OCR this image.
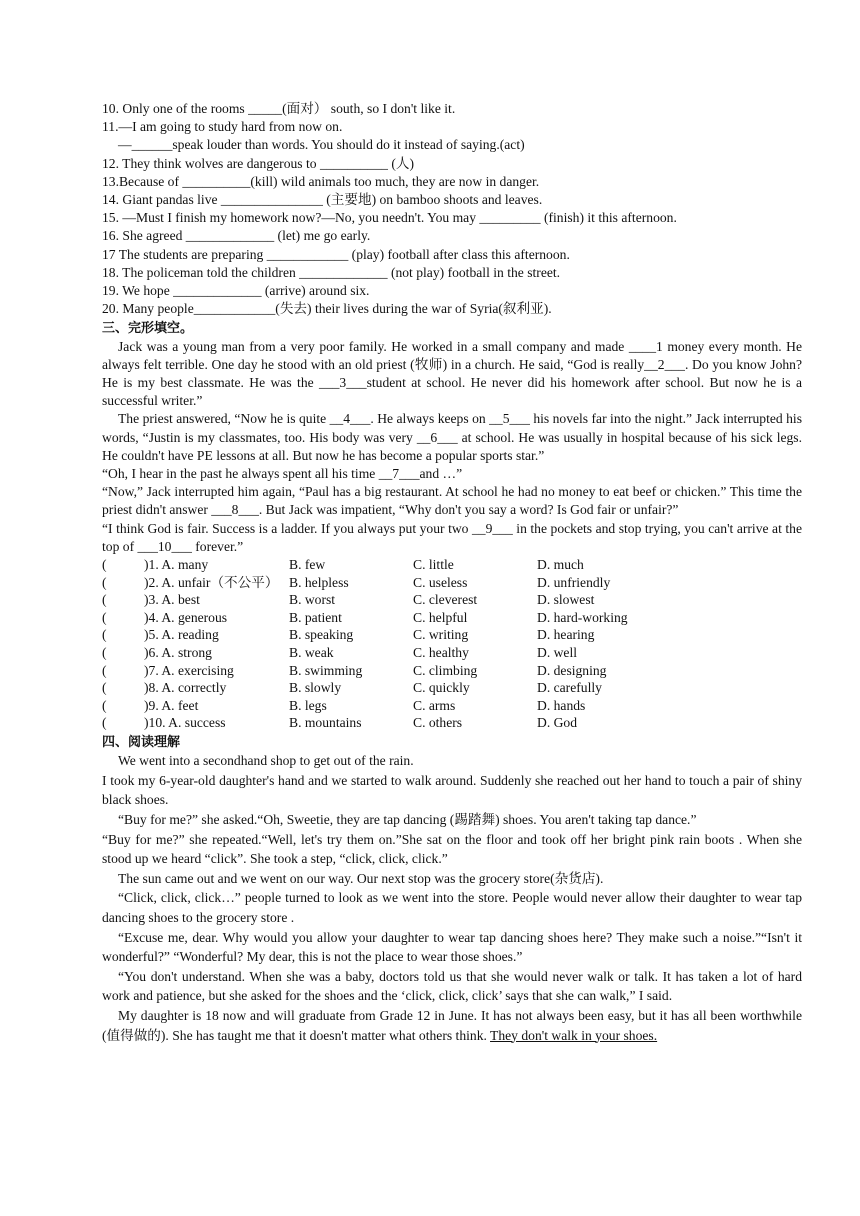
10. Only one of the rooms _____(面对） south, so I don't like it.
11.—I am going to study hard from now on.
—______speak louder than words. You should do it instead of saying.(act)
12. They think wolves are dangerous to __________ (人)
13.Because of __________(kill) wild animals too much, they are now in danger.
14. Giant pandas live _______________ (主要地) on bamboo shoots and leaves.
15. —Must I finish my homework now?—No, you needn't. You may _________ (finish) it this afternoon.
16. She agreed _____________ (let) me go early.
17 The students are preparing ____________ (play) football after class this afternoon.
18. The policeman told the children _____________ (not play) football in the street.
19. We hope _____________ (arrive) around six.
20. Many people____________(失去) their lives during the war of Syria(叙利亚).
三、完形填空。
Jack was a young man from a very poor family. He worked in a small company and made ____1 money every month. He always felt terrible. One day he stood with an old priest (牧师) in a church. He said, “God is really__2___. Do you know John? He is my best classmate. He was the ___3___student at school. He never did his homework after school. But now he is a successful writer.”
The priest answered, “Now he is quite __4___. He always keeps on __5___ his novels far into the night.” Jack interrupted his words, “Justin is my classmates, too. His body was very __6___ at school. He was usually in hospital because of his sick legs. He couldn't have PE lessons at all. But now he has become a popular sports star.”
“Oh, I hear in the past he always spent all his time __7___and …”
“Now,” Jack interrupted him again, “Paul has a big restaurant. At school he had no money to eat beef or chicken.” This time the priest didn't answer ___8___. But Jack was impatient, “Why don't you say a word? Is God fair or unfair?”
“I think God is fair. Success is a ladder. If you always put your two __9___ in the pockets and stop trying, you can't arrive at the top of ___10___ forever.”
(	)1. A. many	B. few	C. little	D. much
(	)2. A. unfair（不公平） B. helpless	C. useless	D. unfriendly
(	)3. A. best	B. worst	C. cleverest	D. slowest
(	)4. A. generous	B. patient	C. helpful	D. hard-working
(	)5. A. reading	B. speaking	C. writing	D. hearing
(	)6. A. strong	B. weak	C. healthy	D. well
(	)7. A. exercising	B. swimming	C. climbing	D. designing
(	)8. A. correctly	B. slowly	C. quickly	D. carefully
(	)9. A. feet	B. legs	C. arms	D. hands
(	)10. A. success	B. mountains	C. others	D. God
四、阅读理解
We went into a secondhand shop to get out of the rain.
I took my 6-year-old daughter's hand and we started to walk around. Suddenly she reached out her hand to touch a pair of shiny black shoes.
“Buy for me?” she asked.“Oh, Sweetie, they are tap dancing (踢踏舞) shoes. You aren't taking tap dance.”
“Buy for me?” she repeated.“Well, let's try them on.”She sat on the floor and took off her bright pink rain boots . When she stood up we heard “click”. She took a step, “click, click, click.”
The sun came out and we went on our way. Our next stop was the grocery store(杂货店).
“Click, click, click…” people turned to look as we went into the store. People would never allow their daughter to wear tap dancing shoes to the grocery store .
“Excuse me, dear. Why would you allow your daughter to wear tap dancing shoes here? They make such a noise.”“Isn't it wonderful?” “Wonderful? My dear, this is not the place to wear those shoes.”
“You don't understand. When she was a baby, doctors told us that she would never walk or talk. It has taken a lot of hard work and patience, but she asked for the shoes and the ‘click, click, click’ says that she can walk,” I said.
My daughter is 18 now and will graduate from Grade 12 in June. It has not always been easy, but it has all been worthwhile (值得做的). She has taught me that it doesn't matter what others think. They don't walk in your shoes.
